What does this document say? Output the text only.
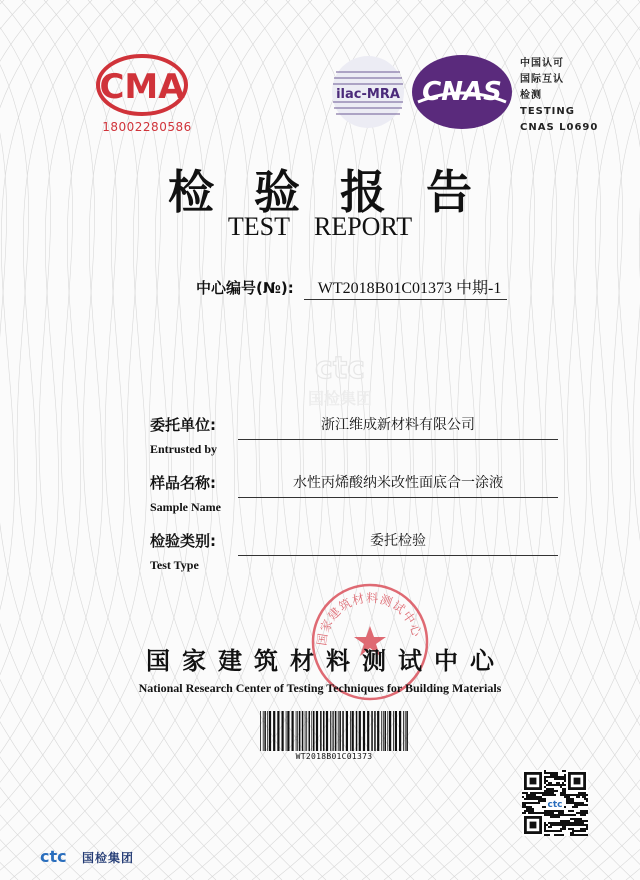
CMA
18002280586
ilac-MRA CNAS
中国认可
国际互认
检测
TESTING
CNAS L0690
检验报告
TEST REPORT
中心编号(№): WT2018B01C01373 中期-1
ctc
国检集团
委托单位:
Entrusted by
浙江维成新材料有限公司
样品名称:
Sample Name
水性丙烯酸纳米改性面底合一涂液
检验类别:
Test Type
委托检验
国家建筑材料测试中心
国家建筑材料测试中心
National Research Center of Testing Techniques for Building Materials
WT2018B01C01373
ctc
ctc 国检集团
